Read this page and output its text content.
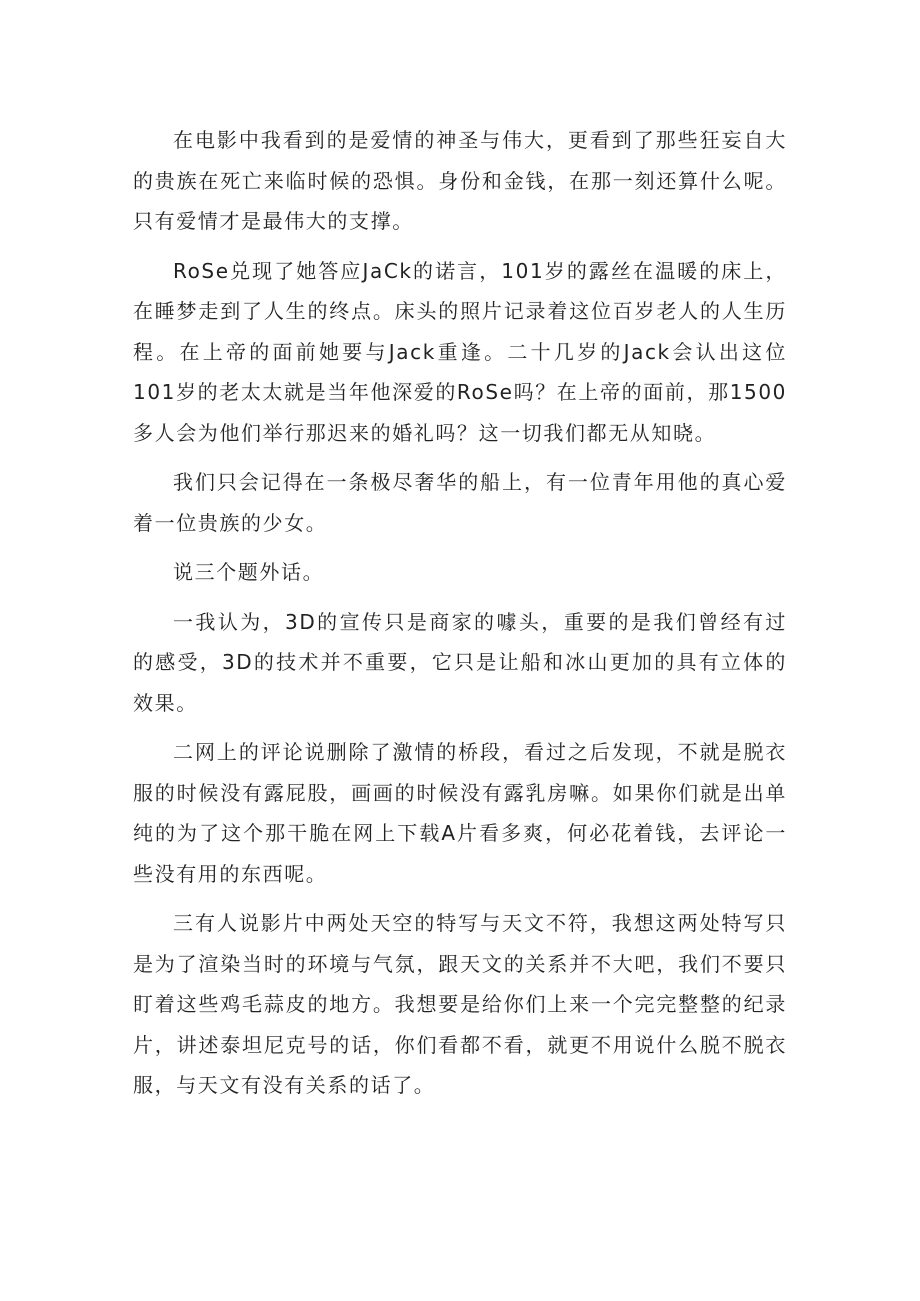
在电影中我看到的是爱情的神圣与伟大，更看到了那些狂妄自大的贵族在死亡来临时候的恐惧。身份和金钱，在那一刻还算什么呢。只有爱情才是最伟大的支撑。

RoSe兑现了她答应JaCk的诺言，101岁的露丝在温暖的床上，在睡梦走到了人生的终点。床头的照片记录着这位百岁老人的人生历程。在上帝的面前她要与Jack重逢。二十几岁的Jack会认出这位101岁的老太太就是当年他深爱的RoSe吗？在上帝的面前，那1500多人会为他们举行那迟来的婚礼吗？这一切我们都无从知晓。

我们只会记得在一条极尽奢华的船上，有一位青年用他的真心爱着一位贵族的少女。

说三个题外话。

一我认为，3D的宣传只是商家的噱头，重要的是我们曾经有过的感受，3D的技术并不重要，它只是让船和冰山更加的具有立体的效果。

二网上的评论说删除了激情的桥段，看过之后发现，不就是脱衣服的时候没有露屁股，画画的时候没有露乳房嘛。如果你们就是出单纯的为了这个那干脆在网上下载A片看多爽，何必花着钱，去评论一些没有用的东西呢。

三有人说影片中两处天空的特写与天文不符，我想这两处特写只是为了渲染当时的环境与气氛，跟天文的关系并不大吧，我们不要只盯着这些鸡毛蒜皮的地方。我想要是给你们上来一个完完整整的纪录片，讲述泰坦尼克号的话，你们看都不看，就更不用说什么脱不脱衣服，与天文有没有关系的话了。
